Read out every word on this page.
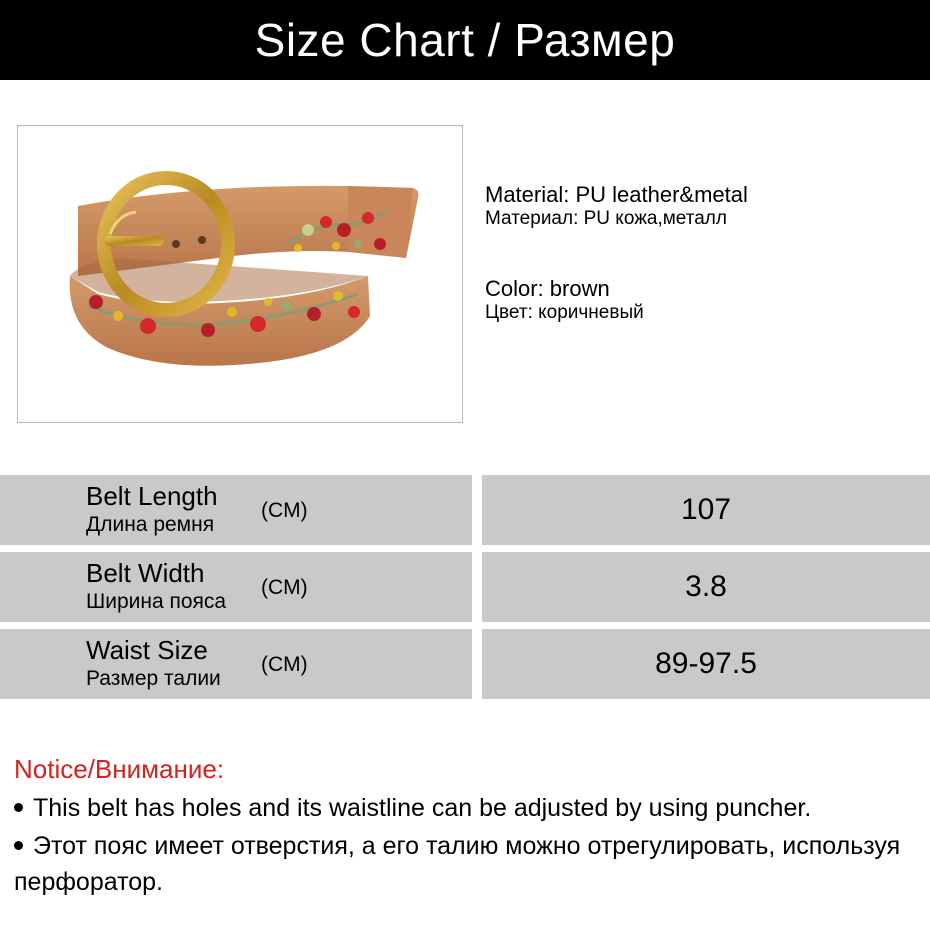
Size Chart / Размер
Material: PU leather&metal
Материал: PU кожа,металл
Color: brown
Цвет: коричневый
Belt Length
Длина ремня
(CM)	107
Belt Width
Ширина пояса
(CM)	3.8
Waist Size
Размер талии
(CM)	89-97.5
Notice/Внимание:
This belt has holes and its waistline can be adjusted by using puncher.
Этот пояс имеет отверстия, а его талию можно отрегулировать, используя перфоратор.
